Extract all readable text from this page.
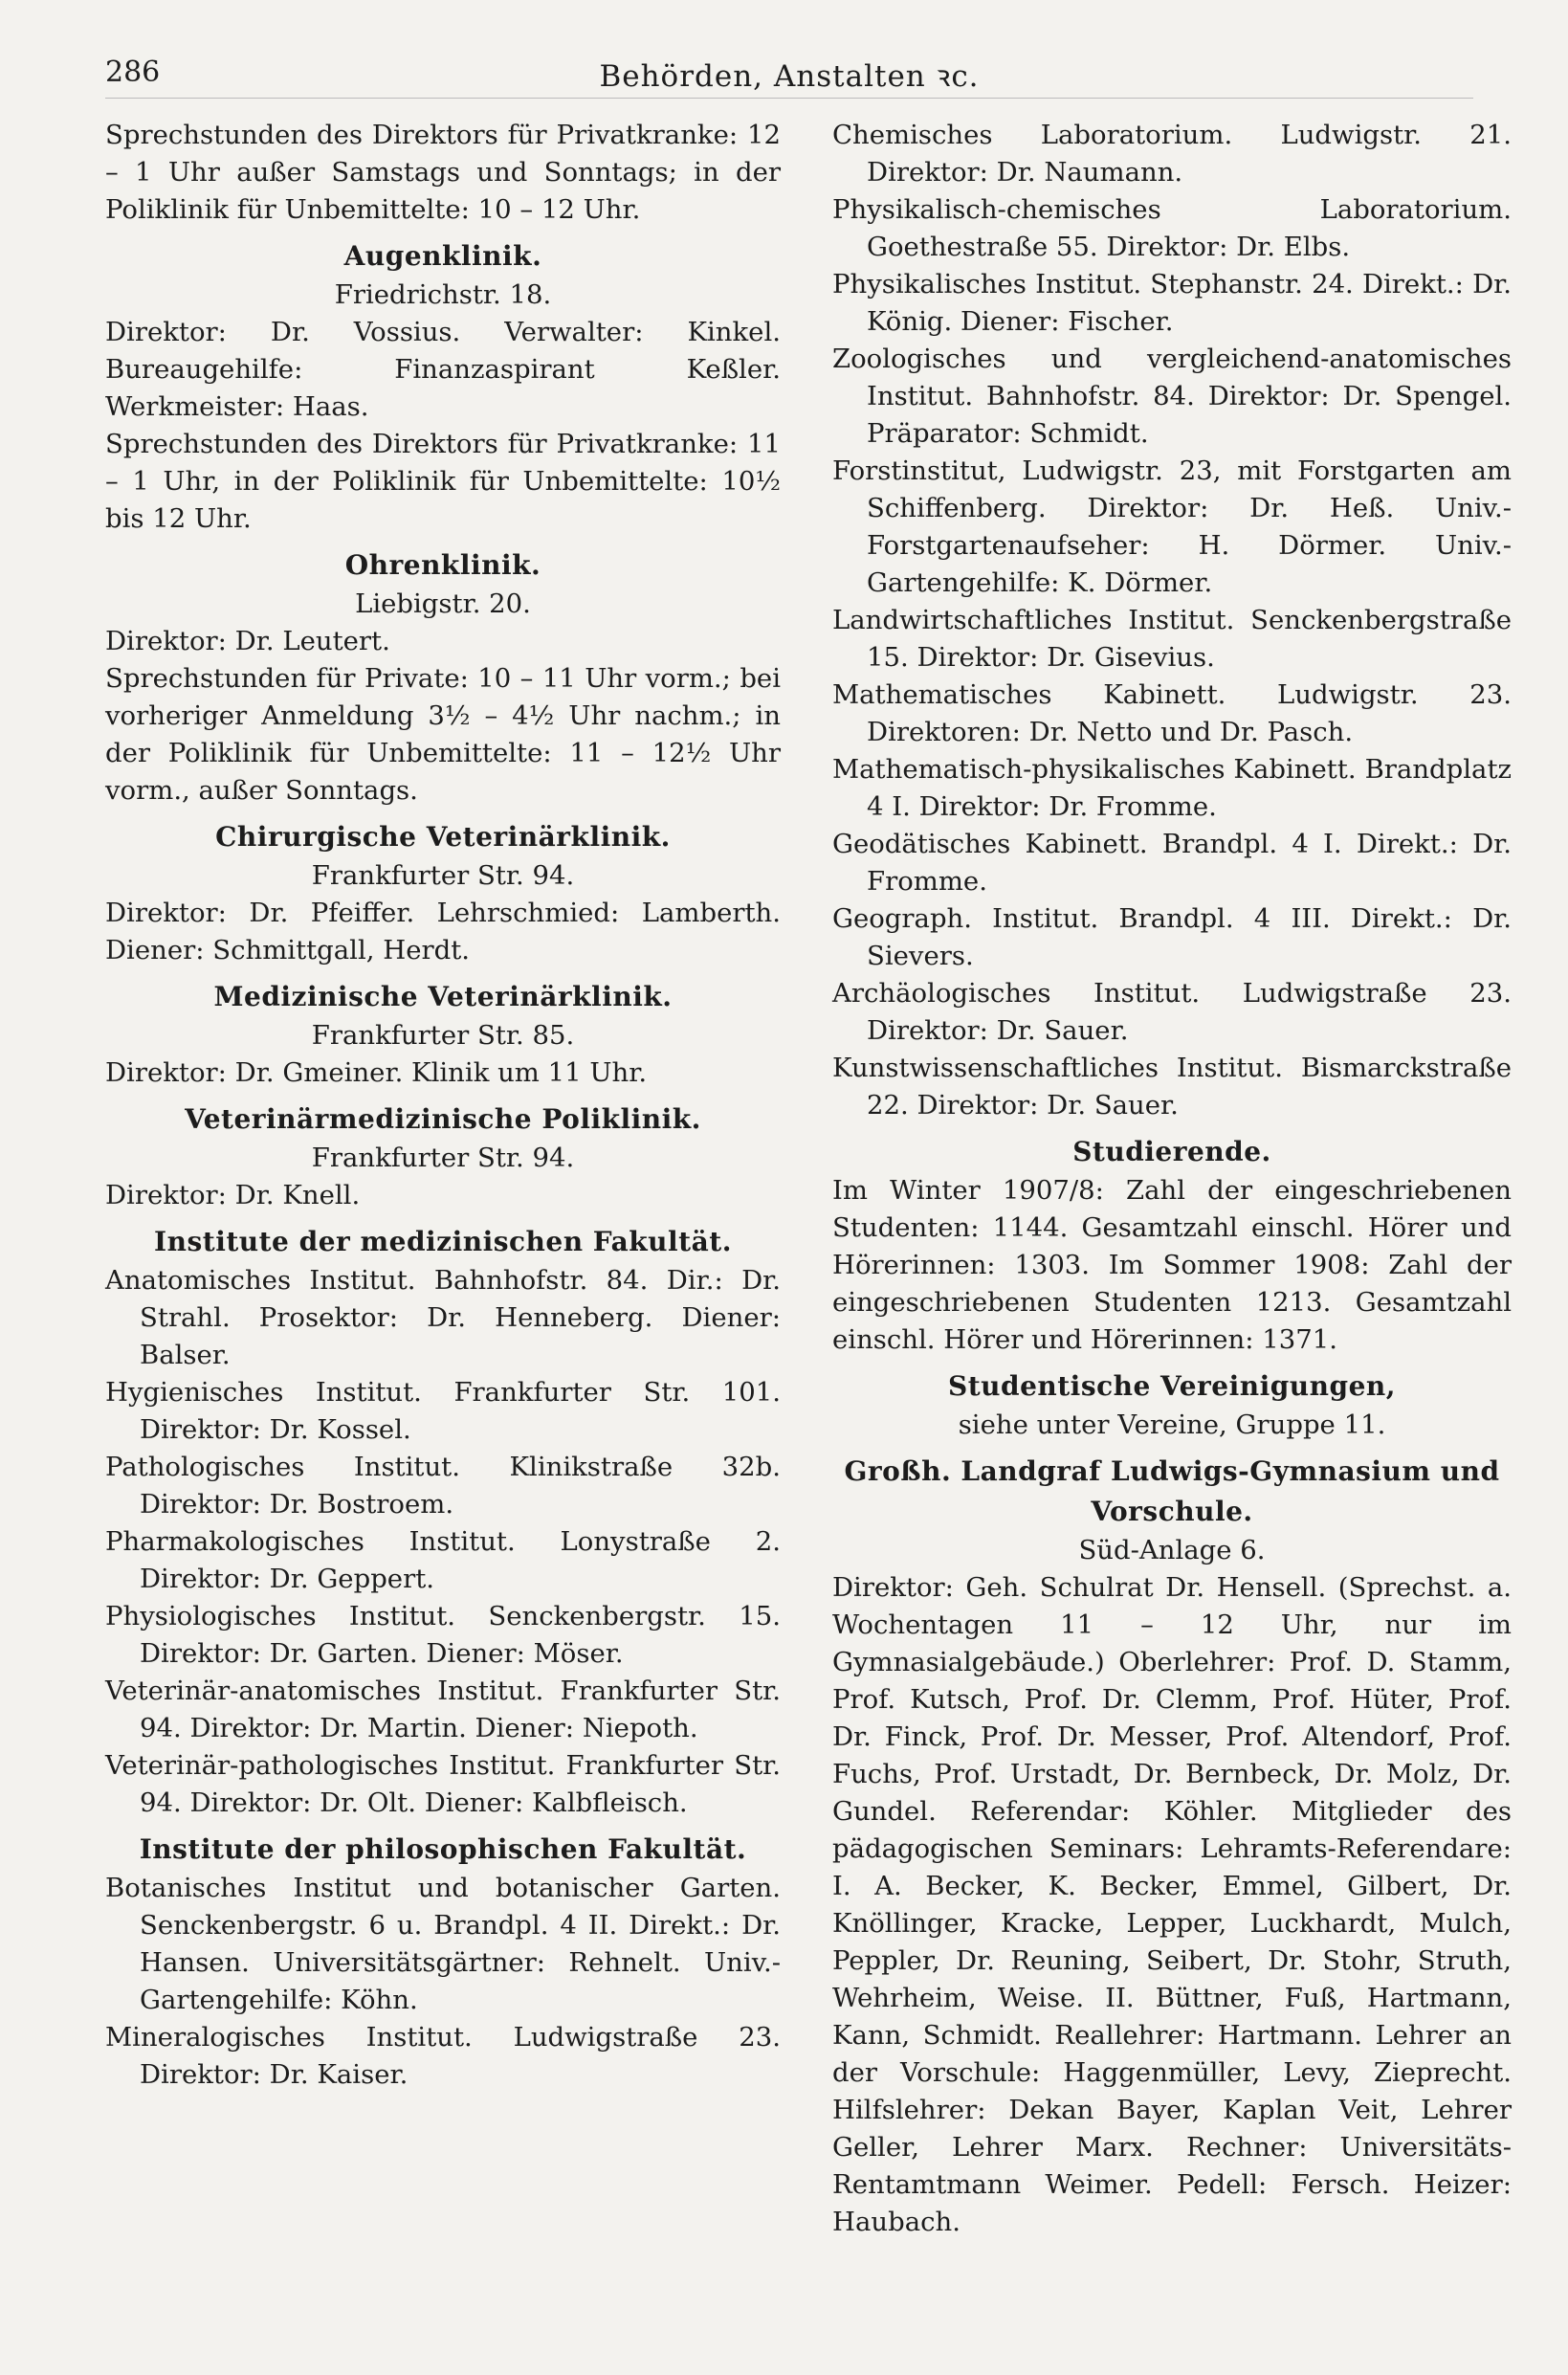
286	Behörden, Anstalten ꝛc.

Sprechstunden des Direktors für Privatkranke: 12 – 1 Uhr außer Samstags und Sonntags; in der Poliklinik für Unbemittelte: 10 – 12 Uhr.

Augenklinik.

Friedrichstr. 18.

Direktor: Dr. Vossius. Verwalter: Kinkel. Bureaugehilfe: Finanzaspirant Keßler. Werkmeister: Haas.

Sprechstunden des Direktors für Privatkranke: 11 – 1 Uhr, in der Poliklinik für Unbemittelte: 10½ bis 12 Uhr.

Ohrenklinik.

Liebigstr. 20.

Direktor: Dr. Leutert.

Sprechstunden für Private: 10 – 11 Uhr vorm.; bei vorheriger Anmeldung 3½ – 4½ Uhr nachm.; in der Poliklinik für Unbemittelte: 11 – 12½ Uhr vorm., außer Sonntags.

Chirurgische Veterinärklinik.

Frankfurter Str. 94.

Direktor: Dr. Pfeiffer. Lehrschmied: Lamberth. Diener: Schmittgall, Herdt.

Medizinische Veterinärklinik.

Frankfurter Str. 85.

Direktor: Dr. Gmeiner. Klinik um 11 Uhr.

Veterinärmedizinische Poliklinik.

Frankfurter Str. 94.

Direktor: Dr. Knell.

Institute der medizinischen Fakultät.

Anatomisches Institut. Bahnhofstr. 84. Dir.: Dr. Strahl. Prosektor: Dr. Henneberg. Diener: Balser.

Hygienisches Institut. Frankfurter Str. 101. Direktor: Dr. Kossel.

Pathologisches Institut. Klinikstraße 32b. Direktor: Dr. Bostroem.

Pharmakologisches Institut. Lonystraße 2. Direktor: Dr. Geppert.

Physiologisches Institut. Senckenbergstr. 15. Direktor: Dr. Garten. Diener: Möser.

Veterinär-anatomisches Institut. Frankfurter Str. 94. Direktor: Dr. Martin. Diener: Niepoth.

Veterinär-pathologisches Institut. Frankfurter Str. 94. Direktor: Dr. Olt. Diener: Kalbfleisch.

Institute der philosophischen Fakultät.

Botanisches Institut und botanischer Garten. Senckenbergstr. 6 u. Brandpl. 4 II. Direkt.: Dr. Hansen. Universitätsgärtner: Rehnelt. Univ.-Gartengehilfe: Köhn.

Mineralogisches Institut. Ludwigstraße 23. Direktor: Dr. Kaiser.

Chemisches Laboratorium. Ludwigstr. 21. Direktor: Dr. Naumann.

Physikalisch-chemisches Laboratorium. Goethestraße 55. Direktor: Dr. Elbs.

Physikalisches Institut. Stephanstr. 24. Direkt.: Dr. König. Diener: Fischer.

Zoologisches und vergleichend-anatomisches Institut. Bahnhofstr. 84. Direktor: Dr. Spengel. Präparator: Schmidt.

Forstinstitut, Ludwigstr. 23, mit Forstgarten am Schiffenberg. Direktor: Dr. Heß. Univ.-Forstgartenaufseher: H. Dörmer. Univ.-Gartengehilfe: K. Dörmer.

Landwirtschaftliches Institut. Senckenbergstraße 15. Direktor: Dr. Gisevius.

Mathematisches Kabinett. Ludwigstr. 23. Direktoren: Dr. Netto und Dr. Pasch.

Mathematisch-physikalisches Kabinett. Brandplatz 4 I. Direktor: Dr. Fromme.

Geodätisches Kabinett. Brandpl. 4 I. Direkt.: Dr. Fromme.

Geograph. Institut. Brandpl. 4 III. Direkt.: Dr. Sievers.

Archäologisches Institut. Ludwigstraße 23. Direktor: Dr. Sauer.

Kunstwissenschaftliches Institut. Bismarckstraße 22. Direktor: Dr. Sauer.

Studierende.

Im Winter 1907/8: Zahl der eingeschriebenen Studenten: 1144. Gesamtzahl einschl. Hörer und Hörerinnen: 1303. Im Sommer 1908: Zahl der eingeschriebenen Studenten 1213. Gesamtzahl einschl. Hörer und Hörerinnen: 1371.

Studentische Vereinigungen,

siehe unter Vereine, Gruppe 11.

Großh. Landgraf Ludwigs-Gymnasium und Vorschule.

Süd-Anlage 6.

Direktor: Geh. Schulrat Dr. Hensell. (Sprechst. a. Wochentagen 11 – 12 Uhr, nur im Gymnasialgebäude.) Oberlehrer: Prof. D. Stamm, Prof. Kutsch, Prof. Dr. Clemm, Prof. Hüter, Prof. Dr. Finck, Prof. Dr. Messer, Prof. Altendorf, Prof. Fuchs, Prof. Urstadt, Dr. Bernbeck, Dr. Molz, Dr. Gundel. Referendar: Köhler. Mitglieder des pädagogischen Seminars: Lehramts-Referendare: I. A. Becker, K. Becker, Emmel, Gilbert, Dr. Knöllinger, Kracke, Lepper, Luckhardt, Mulch, Peppler, Dr. Reuning, Seibert, Dr. Stohr, Struth, Wehrheim, Weise. II. Büttner, Fuß, Hartmann, Kann, Schmidt. Reallehrer: Hartmann. Lehrer an der Vorschule: Haggenmüller, Levy, Zieprecht. Hilfslehrer: Dekan Bayer, Kaplan Veit, Lehrer Geller, Lehrer Marx. Rechner: Universitäts-Rentamtmann Weimer. Pedell: Fersch. Heizer: Haubach.
